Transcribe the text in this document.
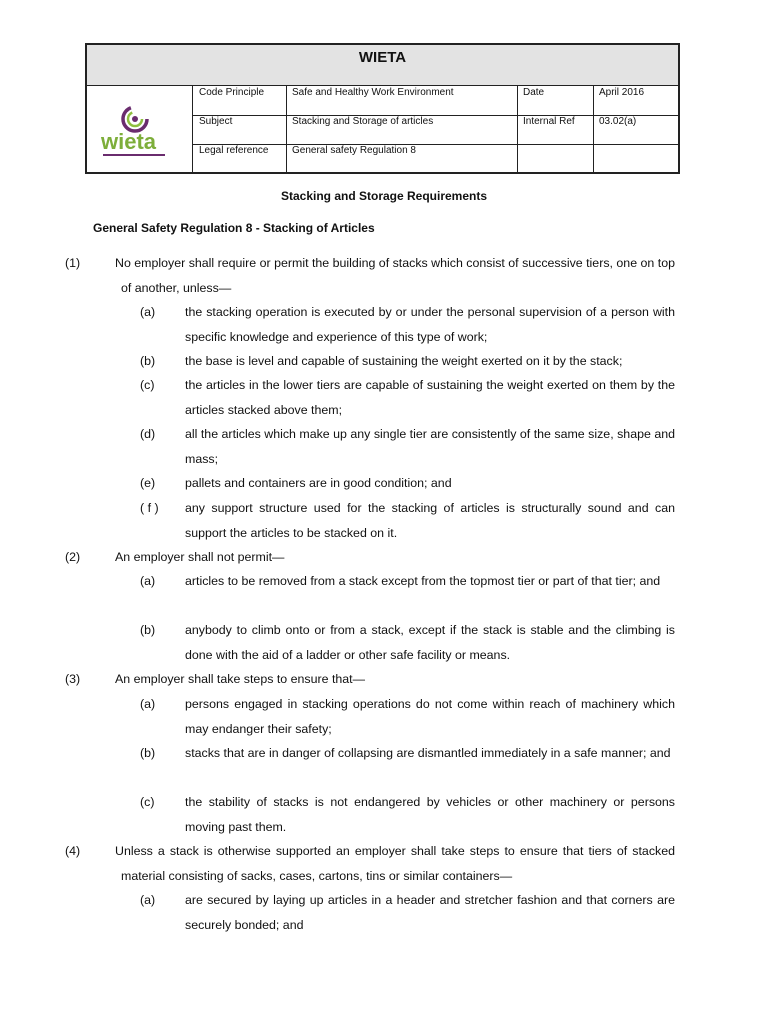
WIETA
wieta
Code Principle	Safe and Healthy Work Environment	Date	April 2016
Subject	Stacking and Storage of articles	Internal Ref	03.02(a)
Legal reference	General safety Regulation 8
Stacking and Storage Requirements
General Safety Regulation 8 - Stacking of Articles
(1)	No employer shall require or permit the building of stacks which consist of successive tiers, one on top of another, unless—
(a)	the stacking operation is executed by or under the personal supervision of a person with specific knowledge and experience of this type of work;
(b)	the base is level and capable of sustaining the weight exerted on it by the stack;
(c)	the articles in the lower tiers are capable of sustaining the weight exerted on them by the articles stacked above them;
(d)	all the articles which make up any single tier are consistently of the same size, shape and mass;
(e)	pallets and containers are in good condition; and
( f )	any support structure used for the stacking of articles is structurally sound and can support the articles to be stacked on it.
(2)	An employer shall not permit—
(a)	articles to be removed from a stack except from the topmost tier or part of that tier; and
(b)	anybody to climb onto or from a stack, except if the stack is stable and the climbing is done with the aid of a ladder or other safe facility or means.
(3)	An employer shall take steps to ensure that—
(a)	persons engaged in stacking operations do not come within reach of machinery which may endanger their safety;
(b)	stacks that are in danger of collapsing are dismantled immediately in a safe manner; and
(c)	the stability of stacks is not endangered by vehicles or other machinery or persons moving past them.
(4)	Unless a stack is otherwise supported an employer shall take steps to ensure that tiers of stacked material consisting of sacks, cases, cartons, tins or similar containers—
(a)	are secured by laying up articles in a header and stretcher fashion and that corners are securely bonded; and
